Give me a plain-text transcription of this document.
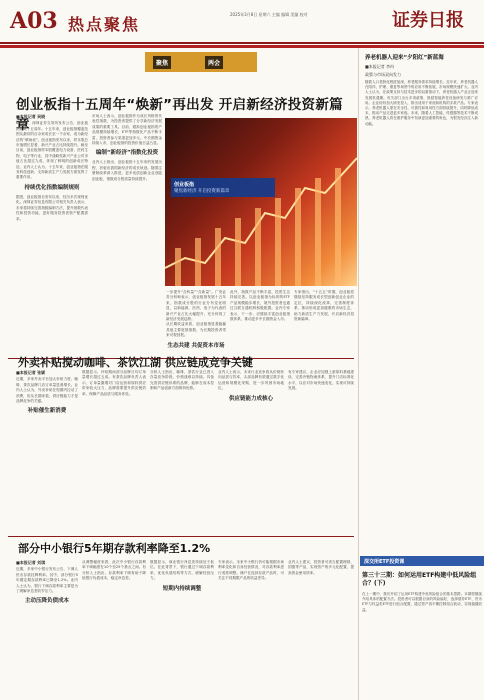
A03 热点聚焦
2025年3月8日 星期六 主编 编辑 美编 校对	证券日报
聚焦	两会
创业板指十五周年“焕新”再出发 开启新经济投资新篇章
■本报记者 吴晓
6月3日，深圳证券交易所发布公告，创业板指迎来十五周年。十五年来，创业板指覆盖范围从最初的百余家成长至一千余家，成为新经济的“晴雨表”。创业板指发布以来，样本股总市值增长显著，新兴产业占比持续提升。截至目前，创业板指样本股覆盖电力设备、医药生物、电子等行业，其中战略性新兴产业公司市值占比超过九成，体现了鲜明的创新成长特征。业内人士认为，十五年来，创业板指在服务科技创新、支持新质生产力发展方面发挥了重要作用。
持续优化指数编制规则
据悉，创业板指自发布以来，经历多次规则优化。深圳证券信息有限公司相关负责人表示，未来将持续完善指数编制方法，提升指数代表性和投资功能，更好服务投资者资产配置需求。
市场人士表示，创业板指作为成长风格的代表性指数，为投资者提供了分享新经济发展成果的重要工具。目前，跟踪创业板指的产品规模持续增长，ETF等指数化产品不断丰富，投资者参与渠道更加多元。中长期资金持续入市，创业板指的投资价值日益凸显。
编制“新经济”指数化投资
业内人士指出，创业板指十五年来的发展历程，折射出我国新经济的成长轨迹。随着注册制改革深入推进，更多优质创新企业登陆创业板，指数成分股质量持续提升。
创业板指
聚焦新经济 开启投资新篇章
一步提升“含科量”“含新量”。广发证券分析师表示，创业板指发展十五年来，指数成分股的行业分布变化明显，以新能源、医药、电子为代表的新兴产业占比大幅提升，充分体现了新经济发展趋势。
从长期收益来看，创业板指显著跑赢其他主要宽基指数，为长期投资者带来可观回报。
生态共建 共促资本市场
此外，指数产品不断丰富，投资生态持续完善。以创业板指为标的的ETF产品规模稳步增长，境外投资者也通过互联互通机制积极配置。业内专家表示，下一步，应继续丰富创业板指数体系，推动更多中长期资金入市。
专家指出，“十五五”时期，创业板将继续坚持服务成长型创新创业企业的定位，持续深化改革，完善制度体系，推动形成更加健康的市场生态，助力新质生产力发展，开启新经济投资新篇章。
外卖补贴搅动咖啡、茶饮江湖 供应链成竞争关键
■本报记者 张颖
近期，多家外卖平台加大补贴力度，咖啡、茶饮品牌门店订单量显著增长。业内人士认为，外卖补贴在短期内拉动了消费，但从长期来看，供应链能力才是品牌竞争的关键。
补贴催生新消费
数据显示，补贴期间部分品牌日均订单量增长超过五成。有茶饮品牌负责人表示，订单量激增对门店运营和原料供应带来较大压力，品牌需要提升供应链效率，保障产品品质与服务体验。
分析人士指出，咖啡、茶饮行业已进入存量竞争阶段，价格战难以持续。具备完善供应链体系的品牌，能够在成本控制和产品创新方面保持优势。
业内人士表示，未来行业竞争将从价格转向品质与效率，头部品牌有望通过数字化运营和规模化采购，进一步巩固市场地位。
供应链能力成核心
有专家建议，企业应加强上游原料基地建设，完善冷链物流体系，提升门店标准化水平，以应对市场快速变化，实现可持续发展。
部分中小银行5年期存款利率降至1.2%
■本报记者 刘琪
近期，多家中小银行发布公告，下调人民币存款挂牌利率。其中，部分银行5年期定期存款利率已降至1.2%。业内人士认为，银行下调存款利率主要是为了缓解净息差收窄压力。
主动压降负债成本
从调整幅度来看，此次中小银行存款利率下调幅度在10个至25个基点之间。有分析人士指出，存款利率下调有助于降低银行负债成本，稳定净息差。
数据显示，商业银行净息差持续处于低位。在此背景下，银行通过下调存款利率、优化负债结构等方式，缓解经营压力。
短期内持续调整
专家表示，未来中小银行仍可能根据市场利率变化和自身经营情况，对存款利率进行适度调整。储户在选择存款产品时，可关注不同期限产品的收益差异。
业内人士建议，投资者可适当配置理财、国债等产品，实现资产的多元化配置，提高资金使用效率。
养老机器人迎来“夕阳红”新蓝海
■本报记者 李冉
政策与市场双向发力
随着人口老龄化程度加深，养老服务需求持续增长。近年来，养老机器人在陪伴、护理、康复等场景中的应用不断拓展，市场规模快速扩大。业内人士认为，在政策支持与技术进步的双重推动下，养老机器人产业正迎来发展机遇期。有关部门出台多项政策，鼓励智能养老设备研发与推广应用。企业纷纷加大研发投入，推出适用于家庭和机构的多款产品。专家表示，养老机器人需在安全性、可靠性和易用性方面持续提升，同时降低成本，推动产品走进更多家庭。未来，随着人工智能、传感器等技术不断成熟，养老机器人将在照护服务中扮演更加重要的角色，为银发经济注入新动能。
深交所ETF投资课
第三十三期：如何运用ETF构建中低风险组合？(下)
在上一期中，我们介绍了运用ETF构建中低风险组合的基本思路。本期将继续介绍具体的配置方法。投资者可以根据自身的风险偏好，选择债券ETF、货币ETF与权益类ETF进行组合配置，通过资产再平衡控制组合波动，实现稳健收益。
